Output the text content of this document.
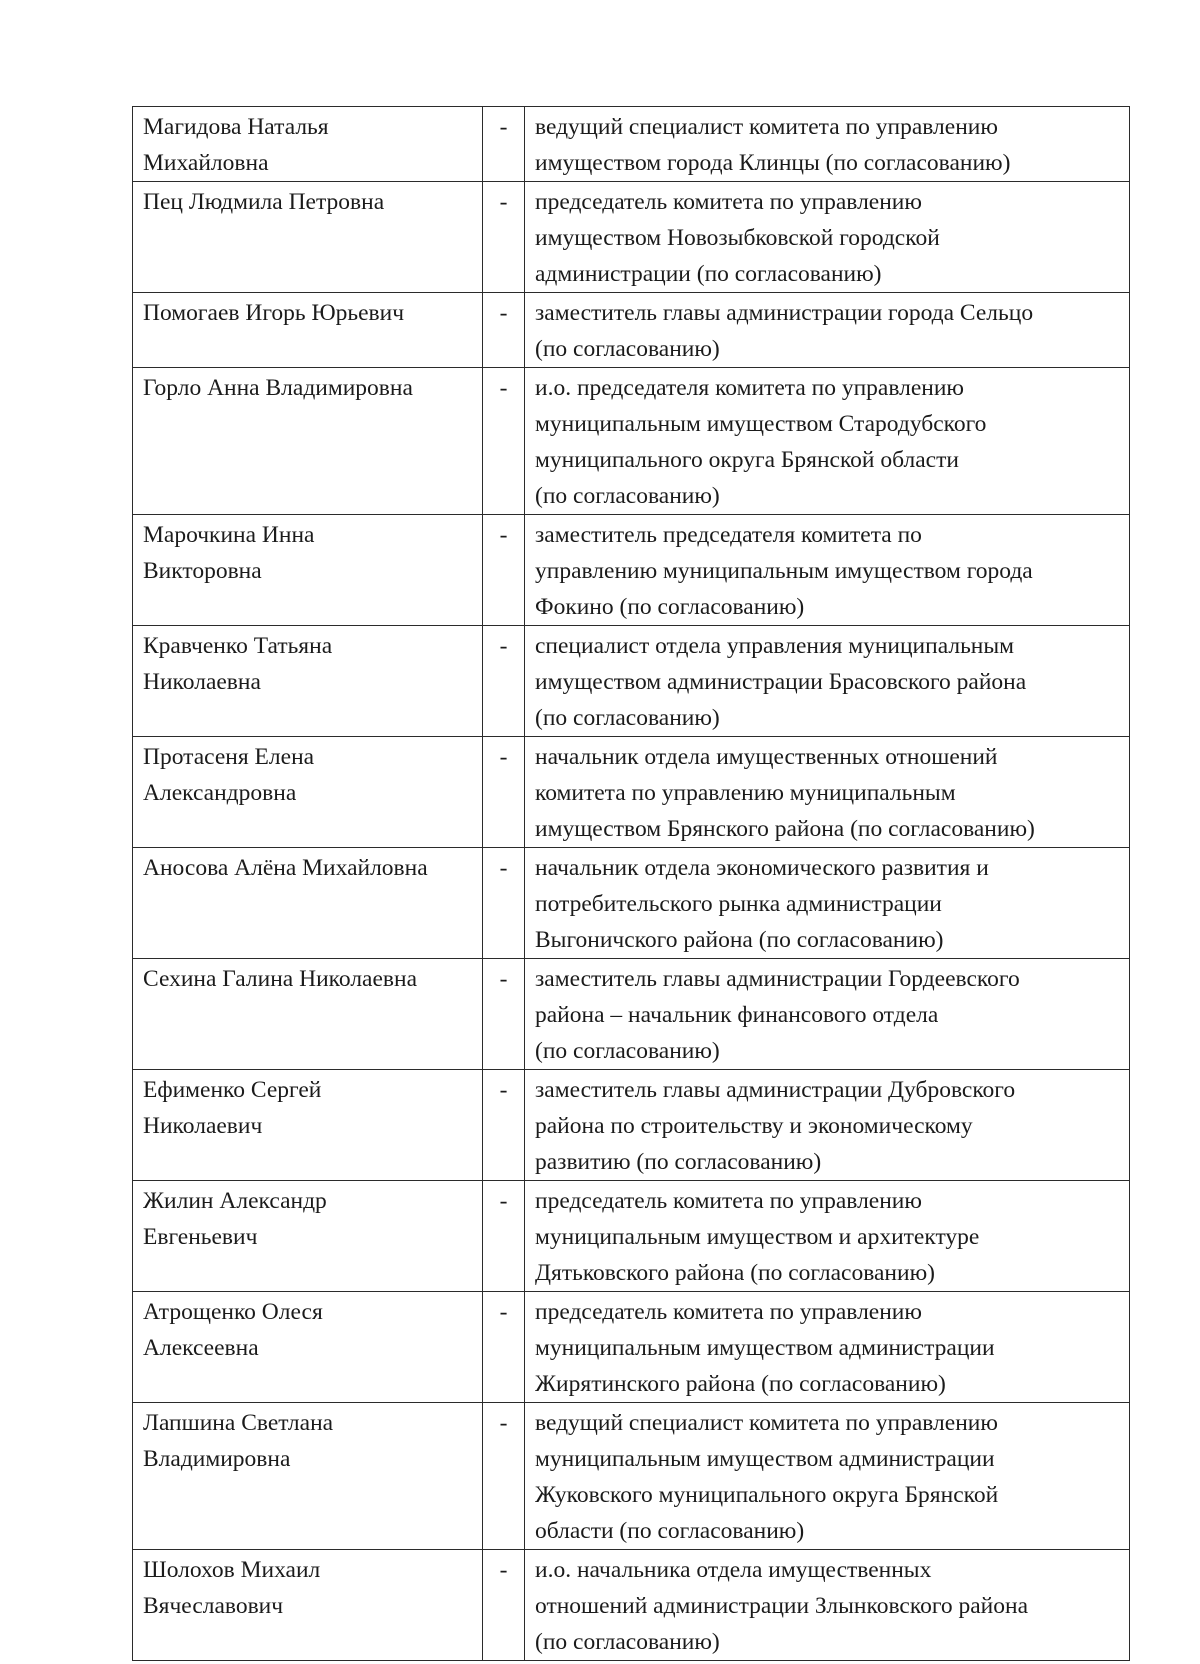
Магидова Наталья
Михайловна	-	ведущий специалист комитета по управлению
имуществом города Клинцы (по согласованию)

Пец Людмила Петровна	-	председатель комитета по управлению
имуществом Новозыбковской городской
администрации (по согласованию)

Помогаев Игорь Юрьевич	-	заместитель главы администрации города Сельцо
(по согласованию)

Горло Анна Владимировна	-	и.о. председателя комитета по управлению
муниципальным имуществом Стародубского
муниципального округа Брянской области
(по согласованию)

Марочкина Инна
Викторовна	-	заместитель председателя комитета по
управлению муниципальным имуществом города
Фокино (по согласованию)

Кравченко Татьяна
Николаевна	-	специалист отдела управления муниципальным
имуществом администрации Брасовского района
(по согласованию)

Протасеня Елена
Александровна	-	начальник отдела имущественных отношений
комитета по управлению муниципальным
имуществом Брянского района (по согласованию)

Аносова Алёна Михайловна	-	начальник отдела экономического развития и
потребительского рынка администрации
Выгоничского района (по согласованию)

Сехина Галина Николаевна	-	заместитель главы администрации Гордеевского
района – начальник финансового отдела
(по согласованию)

Ефименко Сергей
Николаевич	-	заместитель главы администрации Дубровского
района по строительству и экономическому
развитию (по согласованию)

Жилин Александр
Евгеньевич	-	председатель комитета по управлению
муниципальным имуществом и архитектуре
Дятьковского района (по согласованию)

Атрощенко Олеся
Алексеевна	-	председатель комитета по управлению
муниципальным имуществом администрации
Жирятинского района (по согласованию)

Лапшина Светлана
Владимировна	-	ведущий специалист комитета по управлению
муниципальным имуществом администрации
Жуковского муниципального округа Брянской
области (по согласованию)

Шолохов Михаил
Вячеславович	-	и.о. начальника отдела имущественных
отношений администрации Злынковского района
(по согласованию)
